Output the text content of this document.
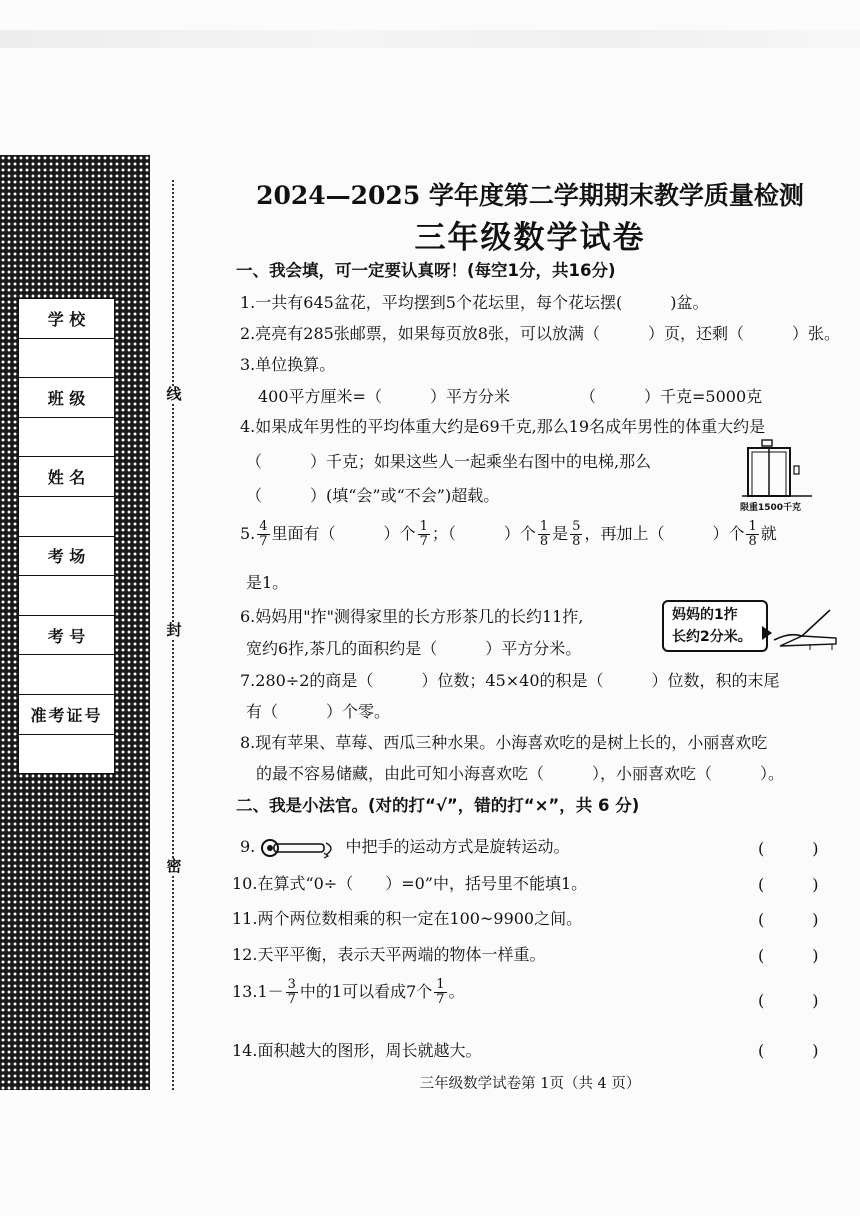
学 校
班 级
姓 名
考 场
考 号
准考证号
线
封
密
2024—2025 学年度第二学期期末教学质量检测
三年级数学试卷
一、我会填，可一定要认真呀！(每空1分，共16分)
1.一共有645盆花，平均摆到5个花坛里，每个花坛摆(　　　)盆。
2.亮亮有285张邮票，如果每页放8张，可以放满（　　　）页，还剩（　　　）张。
3.单位换算。
400平方厘米=（　　　）平方分米	（　　　）千克=5000克
4.如果成年男性的平均体重大约是69千克,那么19名成年男性的体重大约是
（　　　）千克；如果这些人一起乘坐右图中的电梯,那么
（　　　）(填“会”或“不会”)超载。
限重1500千克
5. $\frac{4}{7}$ 里面有（　　　）个 $\frac{1}{7}$ ；（　　　）个 $\frac{1}{8}$ 是 $\frac{5}{8}$ ，再加上（　　　）个 $\frac{1}{8}$ 就
是1。
6.妈妈用"拃"测得家里的长方形茶几的长约11拃,
宽约6拃,茶几的面积约是（　　　）平方分米。
妈妈的1拃
长约2分米。
7.280÷2的商是（　　　）位数；45×40的积是（　　　）位数，积的末尾
有（　　　）个零。
8.现有苹果、草莓、西瓜三种水果。小海喜欢吃的是树上长的，小丽喜欢吃
的最不容易储藏，由此可知小海喜欢吃（　　　），小丽喜欢吃（　　　）。
二、我是小法官。(对的打“√”，错的打“×”，共 6 分)
9.	中把手的运动方式是旋转运动。	(　　　)
10.在算式“0÷（　　）=0”中，括号里不能填1。	(　　　)
11.两个两位数相乘的积一定在100~9900之间。	(　　　)
12.天平平衡，表示天平两端的物体一样重。	(　　　)
$13.1- \frac{3}{7}$ 中的1可以看成7个 $\frac{1}{7}$ 。	(　　　)
14.面积越大的图形，周长就越大。	(　　　)
三年级数学试卷第 1页（共 4 页）
